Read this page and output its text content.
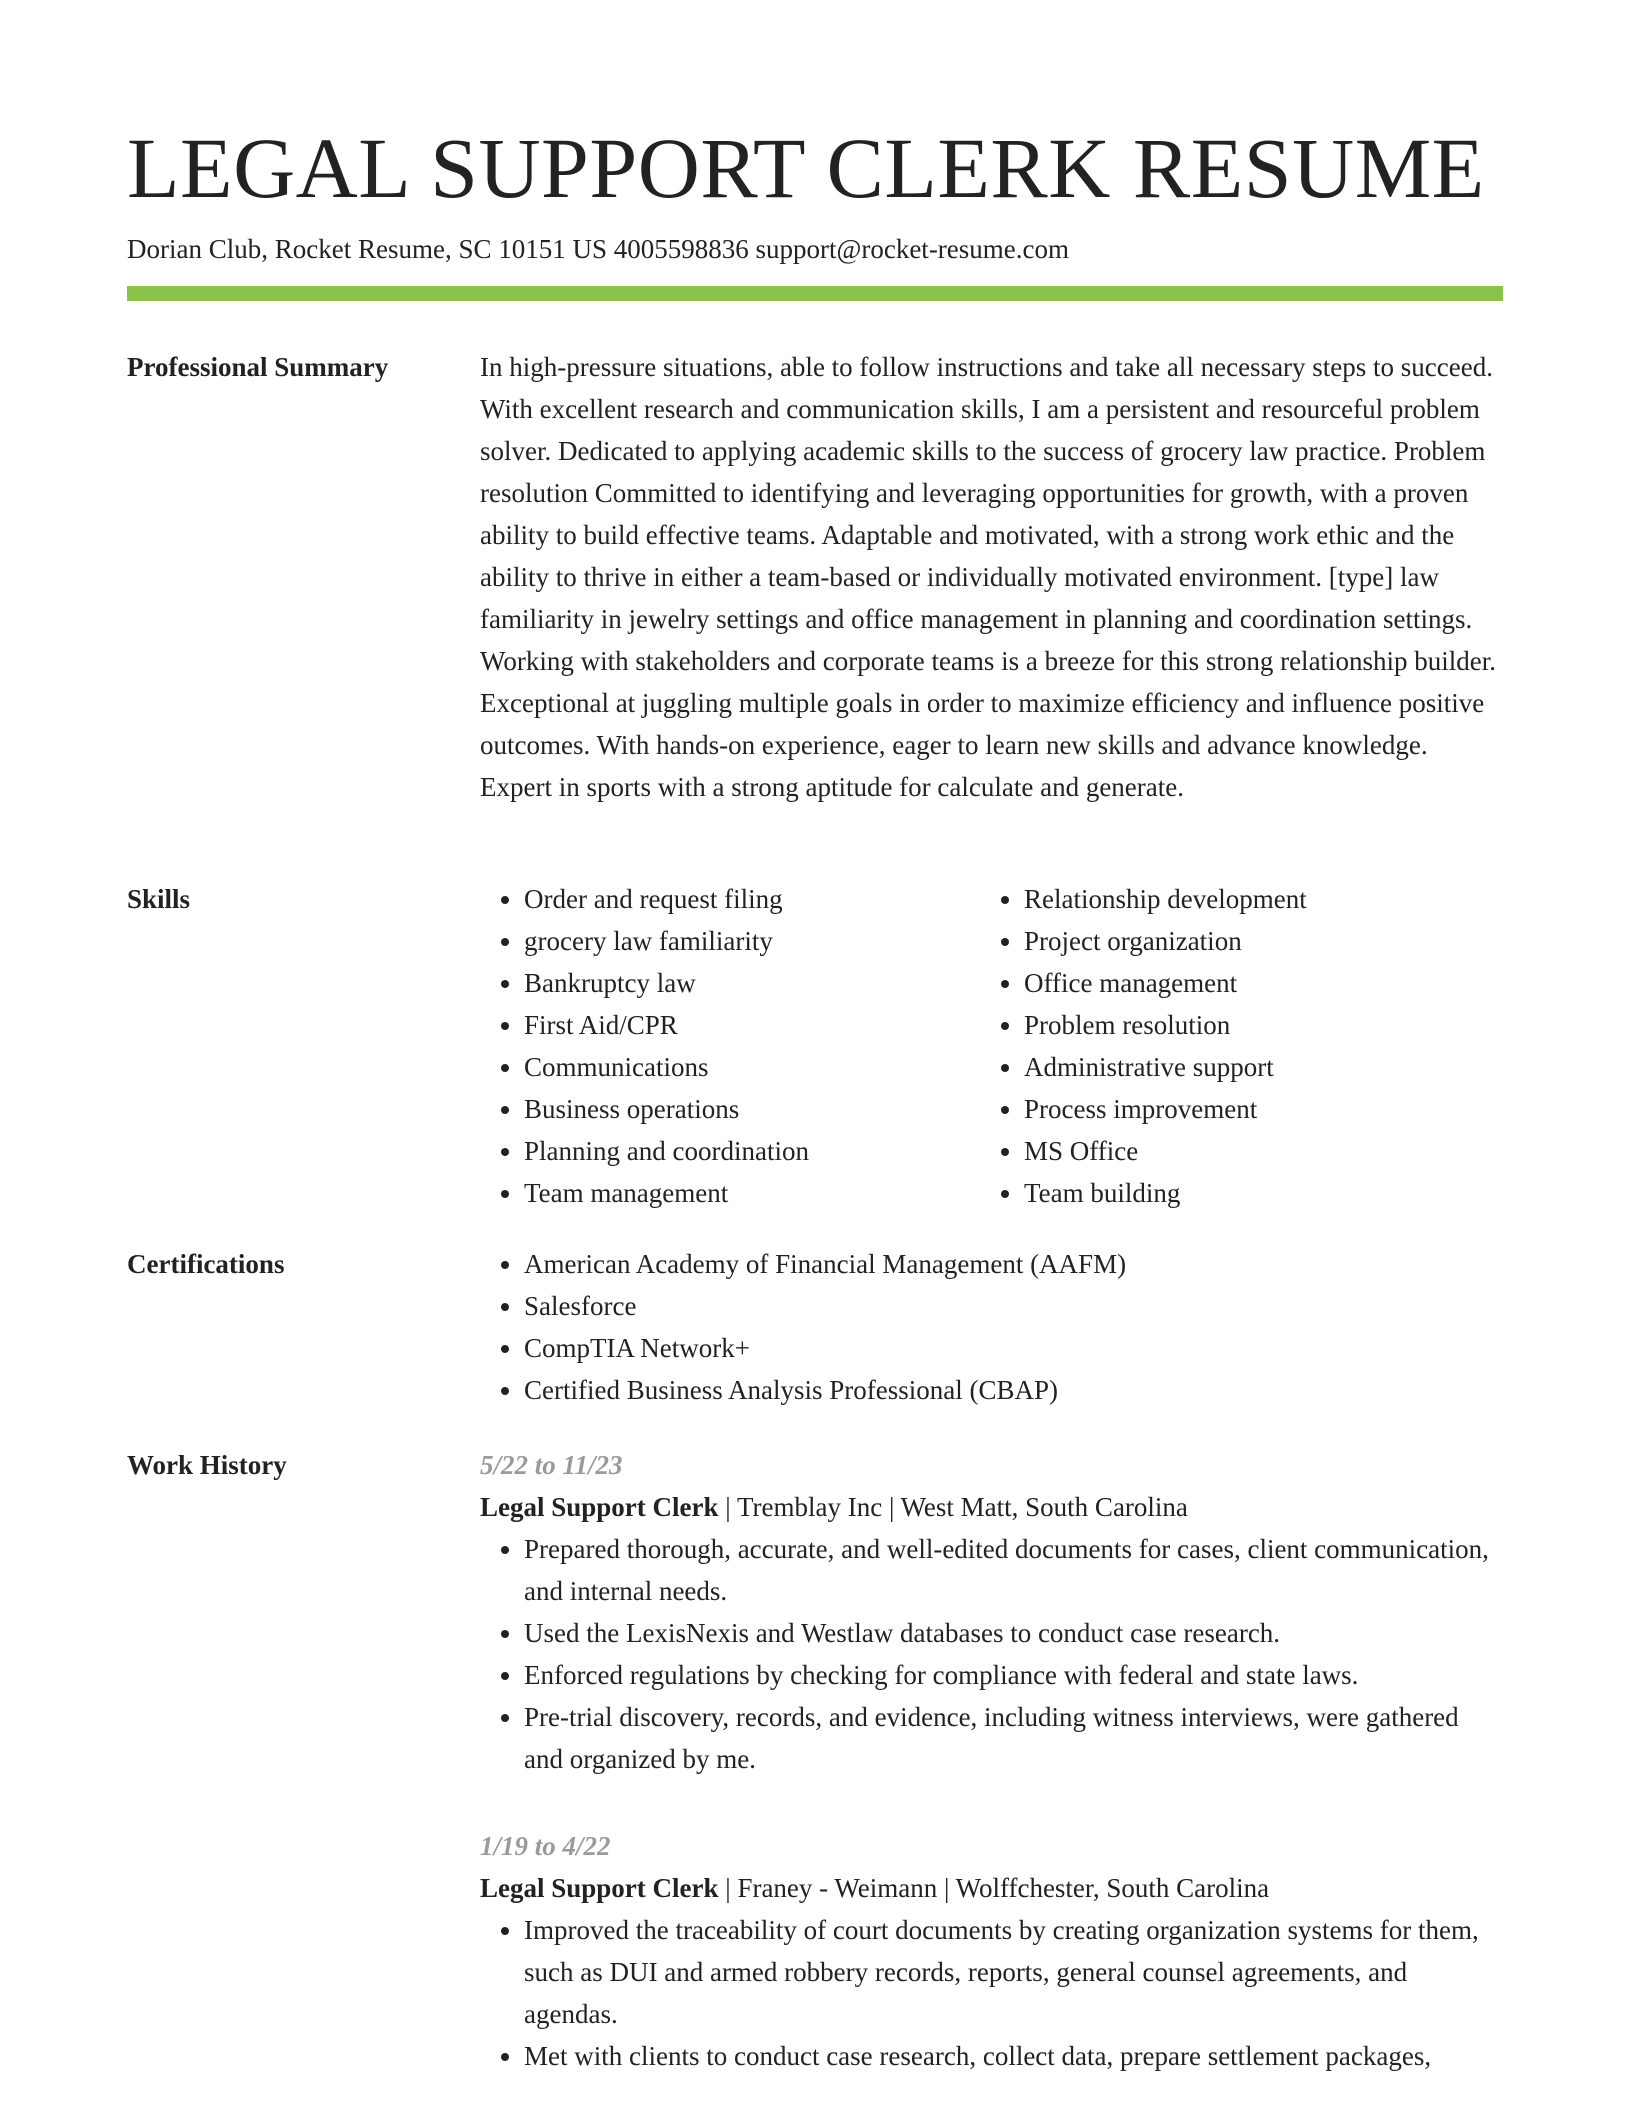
LEGAL SUPPORT CLERK RESUME
Dorian Club, Rocket Resume, SC 10151 US 4005598836 support@rocket-resume.com
Professional Summary	In high-pressure situations, able to follow instructions and take all necessary steps to succeed. With excellent research and communication skills, I am a persistent and resourceful problem solver. Dedicated to applying academic skills to the success of grocery law practice. Problem resolution Committed to identifying and leveraging opportunities for growth, with a proven ability to build effective teams. Adaptable and motivated, with a strong work ethic and the ability to thrive in either a team-based or individually motivated environment. [type] law familiarity in jewelry settings and office management in planning and coordination settings. Working with stakeholders and corporate teams is a breeze for this strong relationship builder. Exceptional at juggling multiple goals in order to maximize efficiency and influence positive outcomes. With hands-on experience, eager to learn new skills and advance knowledge. Expert in sports with a strong aptitude for calculate and generate.

Skills	• Order and request filing
• grocery law familiarity
• Bankruptcy law
• First Aid/CPR
• Communications
• Business operations
• Planning and coordination
• Team management
• Relationship development
• Project organization
• Office management
• Problem resolution
• Administrative support
• Process improvement
• MS Office
• Team building
Certifications	• American Academy of Financial Management (AAFM)
• Salesforce
• CompTIA Network+
• Certified Business Analysis Professional (CBAP)
Work History	5/22 to 11/23
Legal Support Clerk | Tremblay Inc | West Matt, South Carolina
• Prepared thorough, accurate, and well-edited documents for cases, client communication, and internal needs.
• Used the LexisNexis and Westlaw databases to conduct case research.
• Enforced regulations by checking for compliance with federal and state laws.
• Pre-trial discovery, records, and evidence, including witness interviews, were gathered and organized by me.
1/19 to 4/22
Legal Support Clerk | Franey - Weimann | Wolffchester, South Carolina
• Improved the traceability of court documents by creating organization systems for them, such as DUI and armed robbery records, reports, general counsel agreements, and agendas.
• Met with clients to conduct case research, collect data, prepare settlement packages,
